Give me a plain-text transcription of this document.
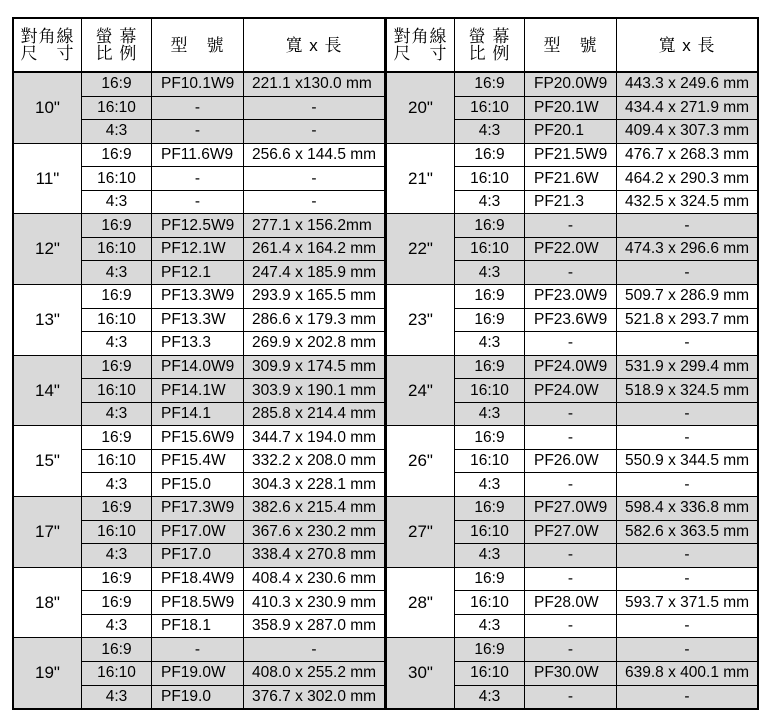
對角線
尺　寸
螢 幕
比 例	型　號	寬 x 長
10"
16:9	PF10.1W9	221.1 x130.0 mm
16:10	-	-
4:3	-	-
11"
16:9	PF11.6W9	256.6 x 144.5 mm
16:10	-	-
4:3	-	-
12"
16:9	PF12.5W9	277.1 x 156.2mm
16:10	PF12.1W	261.4 x 164.2 mm
4:3	PF12.1	247.4 x 185.9 mm
13"
16:9	PF13.3W9	293.9 x 165.5 mm
16:10	PF13.3W	286.6 x 179.3 mm
4:3	PF13.3	269.9 x 202.8 mm
14"
16:9	PF14.0W9	309.9 x 174.5 mm
16:10	PF14.1W	303.9 x 190.1 mm
4:3	PF14.1	285.8 x 214.4 mm
15"
16:9	PF15.6W9	344.7 x 194.0 mm
16:10	PF15.4W	332.2 x 208.0 mm
4:3	PF15.0	304.3 x 228.1 mm
17"
16:9	PF17.3W9	382.6 x 215.4 mm
16:10	PF17.0W	367.6 x 230.2 mm
4:3	PF17.0	338.4 x 270.8 mm
18"
16:9	PF18.4W9	408.4 x 230.6 mm
16:9	PF18.5W9	410.3 x 230.9 mm
4:3	PF18.1	358.9 x 287.0 mm
19"
16:9	-	-
16:10	PF19.0W	408.0 x 255.2 mm
4:3	PF19.0	376.7 x 302.0 mm
對角線
尺　寸
螢 幕
比 例	型　號	寬 x 長
20"
16:9	FP20.0W9	443.3 x 249.6 mm
16:10	PF20.1W	434.4 x 271.9 mm
4:3	PF20.1	409.4 x 307.3 mm
21"
16:9	PF21.5W9	476.7 x 268.3 mm
16:10	PF21.6W	464.2 x 290.3 mm
4:3	PF21.3	432.5 x 324.5 mm
22"
16:9	-	-
16:10	PF22.0W	474.3 x 296.6 mm
4:3	-	-
23"
16:9	PF23.0W9	509.7 x 286.9 mm
16:9	PF23.6W9	521.8 x 293.7 mm
4:3	-	-
24"
16:9	PF24.0W9	531.9 x 299.4 mm
16:10	PF24.0W	518.9 x 324.5 mm
4:3	-	-
26"
16:9	-	-
16:10	PF26.0W	550.9 x 344.5 mm
4:3	-	-
27"
16:9	PF27.0W9	598.4 x 336.8 mm
16:10	PF27.0W	582.6 x 363.5 mm
4:3	-	-
28"
16:9	-	-
16:10	PF28.0W	593.7 x 371.5 mm
4:3	-	-
30"
16:9	-	-
16:10	PF30.0W	639.8 x 400.1 mm
4:3	-	-
